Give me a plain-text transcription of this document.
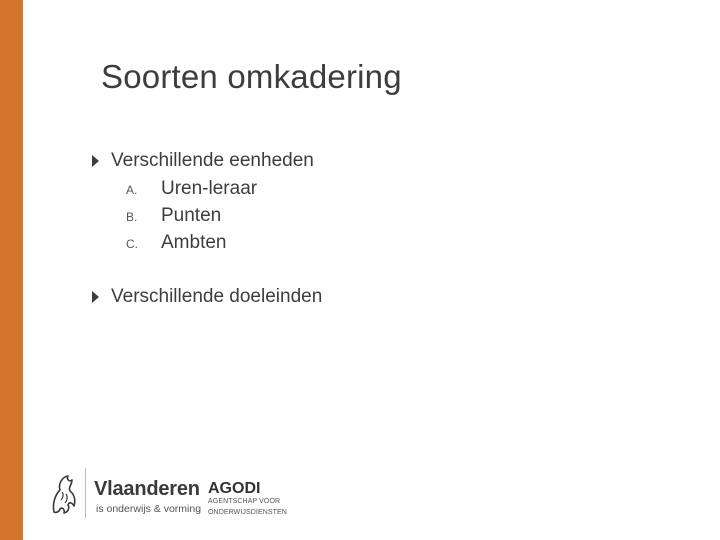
Soorten omkadering
Verschillende eenheden
A.	Uren-leraar
B.	Punten
C.	Ambten
Verschillende doeleinden
Vlaanderen
is onderwijs & vorming
AGODI
AGENTSCHAP VOOR
ONDERWIJSDIENSTEN
